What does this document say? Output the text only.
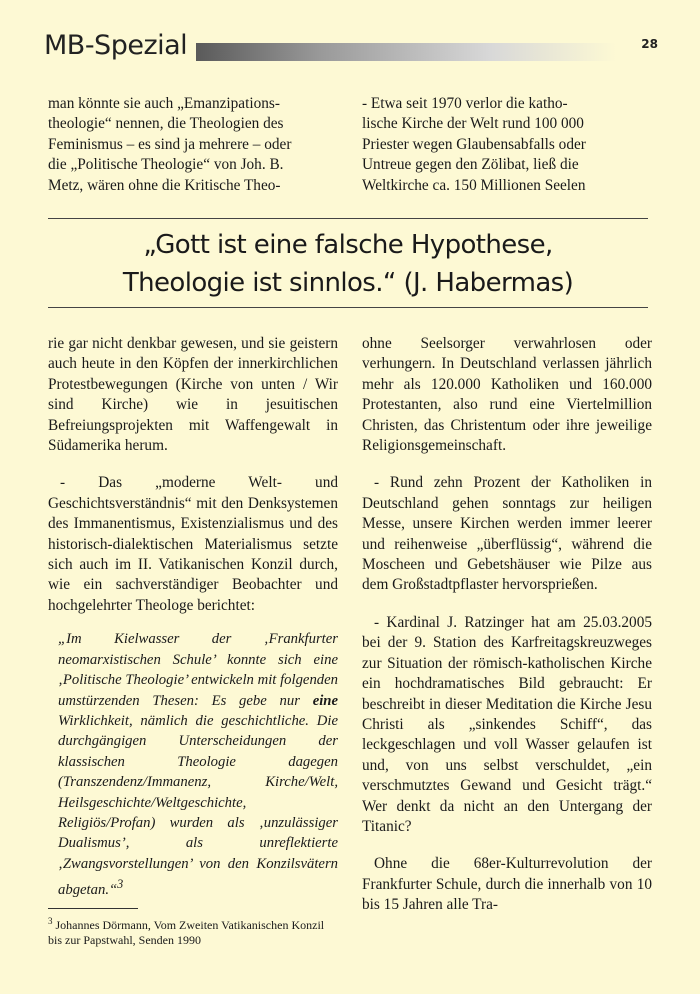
MB-Spezial	28

man könnte sie auch „Emanzipations-
theologie“ nennen, die Theologien des
Feminismus – es sind ja mehrere – oder
die „Politische Theologie“ von Joh. B.
Metz, wären ohne die Kritische Theo-

- Etwa seit 1970 verlor die katho-
lische Kirche der Welt rund 100 000
Priester wegen Glaubensabfalls oder
Untreue gegen den Zölibat, ließ die
Weltkirche ca. 150 Millionen Seelen

„Gott ist eine falsche Hypothese,
Theologie ist sinnlos.“ (J. Habermas)

rie gar nicht denkbar gewesen, und sie geistern auch heute in den Köpfen der innerkirchlichen Protestbewegungen (Kirche von unten / Wir sind Kirche) wie in jesuitischen Befreiungsprojekten mit Waffengewalt in Südamerika herum.

- Das „moderne Welt- und Geschichtsverständnis“ mit den Denksystemen des Immanentismus, Existenzialismus und des historisch-dialektischen Materialismus setzte sich auch im II. Vatikanischen Konzil durch, wie ein sachverständiger Beobachter und hochgelehrter Theologe berichtet:

„Im Kielwasser der ‚Frankfurter neomarxistischen Schule’ konnte sich eine ‚Politische Theologie’ entwickeln mit folgenden umstürzenden Thesen: Es gebe nur eine Wirklichkeit, nämlich die geschichtliche. Die durchgängigen Unterscheidungen der klassischen Theologie dagegen (Transzendenz/Immanenz, Kirche/Welt, Heilsgeschichte/Weltgeschichte, Religiös/Profan) wurden als ‚unzulässiger Dualismus’, als unreflektierte ‚Zwangsvorstellungen’ von den Konzilsvätern abgetan.“$^3$

$^3$ Johannes Dörmann, Vom Zweiten Vatikanischen Konzil bis zur Papstwahl, Senden 1990

ohne Seelsorger verwahrlosen oder verhungern. In Deutschland verlassen jährlich mehr als 120.000 Katholiken und 160.000 Protestanten, also rund eine Viertelmillion Christen, das Christentum oder ihre jeweilige Religionsgemeinschaft.

- Rund zehn Prozent der Katholiken in Deutschland gehen sonntags zur heiligen Messe, unsere Kirchen werden immer leerer und reihenweise „überflüssig“, während die Moscheen und Gebetshäuser wie Pilze aus dem Großstadtpflaster hervorsprießen.

- Kardinal J. Ratzinger hat am 25.03.2005 bei der 9. Station des Karfreitagskreuzweges zur Situation der römisch-katholischen Kirche ein hochdramatisches Bild gebraucht: Er beschreibt in dieser Meditation die Kirche Jesu Christi als „sinkendes Schiff“, das leckgeschlagen und voll Wasser gelaufen ist und, von uns selbst verschuldet, „ein verschmutztes Gewand und Gesicht trägt.“ Wer denkt da nicht an den Untergang der Titanic?

Ohne die 68er-Kulturrevolution der Frankfurter Schule, durch die innerhalb von 10 bis 15 Jahren alle Tra-
